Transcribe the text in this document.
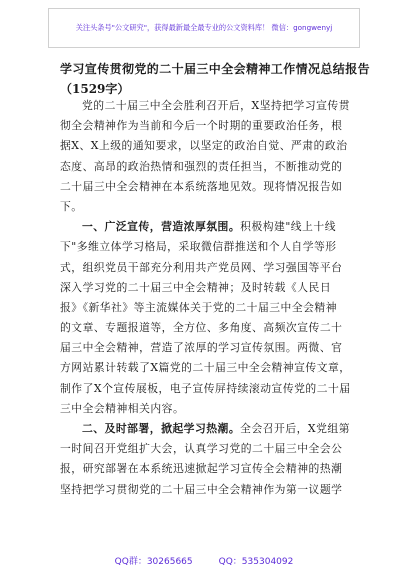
关注头条号"公文研究"，获得最新最全最专业的公文资料库！ 微信：gongwenyj
学习宣传贯彻党的二十届三中全会精神工作情况总结报告
（1529字）
党的二十届三中全会胜利召开后，X坚持把学习宣传贯
彻全会精神作为当前和今后一个时期的重要政治任务，根
据X、X上级的通知要求，以坚定的政治自觉、严肃的政治
态度、高昂的政治热情和强烈的责任担当，不断推动党的
二十届三中全会精神在本系统落地见效。现将情况报告如
下。
一、广泛宣传，营造浓厚氛围。积极构建"线上十线
下"多维立体学习格局，采取微信群推送和个人自学等形
式，组织党员干部充分利用共产党员网、学习强国等平台
深入学习党的二十届三中全会精神；及时转载《人民日
报》《新华社》等主流媒体关于党的二十届三中全会精神
的文章、专题报道等，全方位、多角度、高频次宣传二十
届三中全会精神，营造了浓厚的学习宣传氛围。两微、官
方网站累计转载了X篇党的二十届三中全会精神宣传文章，
制作了X个宣传展板，电子宣传屏持续滚动宣传党的二十届
三中全会精神相关内容。
二、及时部署，掀起学习热潮。全会召开后，X党组第
一时间召开党组扩大会，认真学习党的二十届三中全会公
报，研究部署在本系统迅速掀起学习宣传全会精神的热潮
坚持把学习贯彻党的二十届三中全会精神作为第一议题学
QQ群：30265665	QQ：535304092
